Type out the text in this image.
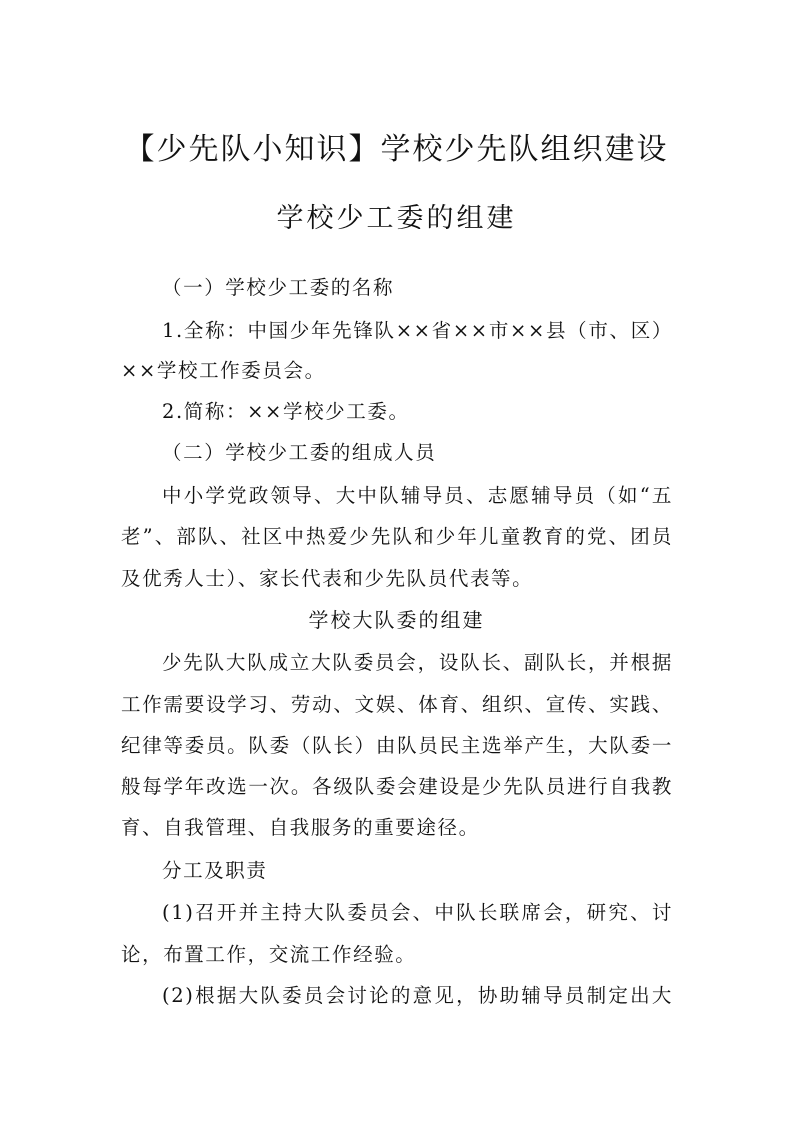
【少先队小知识】学校少先队组织建设
学校少工委的组建
（一）学校少工委的名称
1.全称：中国少年先锋队××省××市××县（市、区）
××学校工作委员会。
2.简称：××学校少工委。
（二）学校少工委的组成人员
中小学党政领导、大中队辅导员、志愿辅导员（如“五
老”、部队、社区中热爱少先队和少年儿童教育的党、团员
及优秀人士）、家长代表和少先队员代表等。
学校大队委的组建
少先队大队成立大队委员会，设队长、副队长，并根据
工作需要设学习、劳动、文娱、体育、组织、宣传、实践、
纪律等委员。队委（队长）由队员民主选举产生，大队委一
般每学年改选一次。各级队委会建设是少先队员进行自我教
育、自我管理、自我服务的重要途径。
分工及职责
(1)召开并主持大队委员会、中队长联席会，研究、讨
论，布置工作，交流工作经验。
(2)根据大队委员会讨论的意见，协助辅导员制定出大
